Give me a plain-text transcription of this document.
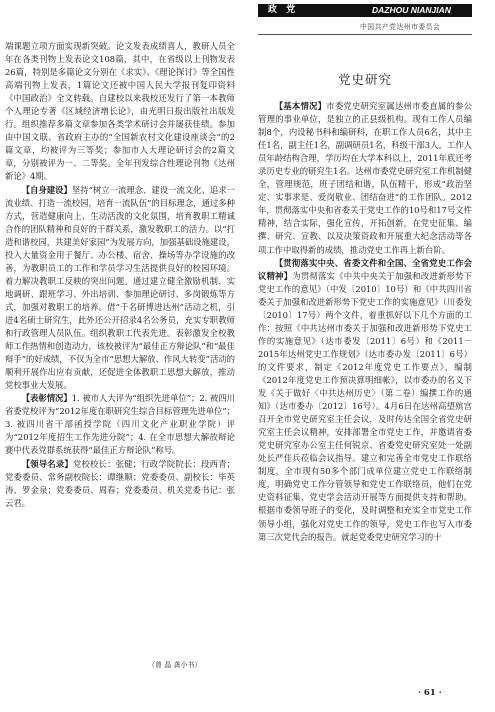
政 党	DAZHOU NIANJIAN
中国共产党达州市委员会

端课题立项方面实现新突破。论文发表成绩喜人，教研人员全年在各类刊物上发表论文108篇，其中，在省级以上刊物发表26篇，特别是多篇论文分别在《求实》、《理论探讨》等全国性高端刊物上发表，1篇论文还被中国人民大学报刊复印资料《中国政治》全文转载。自建校以来我校还发行了第一本教师个人理论专著《区域经济增长论》，由光明日报出版社出版发行。组织推荐多篇文章参加各类学术研讨会并屡获佳绩。参加由中国文联、省政府主办的“全国新农村文化建设座谈会”的2篇文章，均被评为三等奖；参加市人大理论研讨会的2篇文章，分别被评为一、二等奖。全年刊发综合性理论刊物《达州新论》4期。

【自身建设】坚持“树立一流理念、建设一流文化、追求一流业绩、打造一流校园，培育一流队伍”的目标理念，通过多种方式，营造健康向上、生动活泼的文化氛围，培育教职工精诚合作的团队精神和良好的干群关系，激发教职工的活力。以“打造和谐校园，共建美好家园”为发展方向，加强基础设施建设，投入大量资金用于餐厅、办公楼、宿舍、操场等办学设施的改善，为教职员工的工作和学员学习生活提供良好的校园环境。着力解决教职工反映的突出问题。通过建立健全激励机制、实地调研、跟班学习、外出培训、参加理论研讨、多岗锻炼等方式，加强对教职工的培养。借“千名研博进达州”活动之机，引进4名硕士研究生，此外还公开招录4名公务员，充实专职教师和行政管理人员队伍。组织教职工代表先进。表彰激发全校教师工作热情和创造动力，该校被评为“最佳正方辩论队”和“最佳辩手”的好成绩，不仅为全市“思想大解放、作风大转变”活动的顺利开展作出应有贡献，还促进全体教职工思想大解放，推动党校事业大发展。

【表彰情况】1. 被市人大评为“组织先进单位”；2. 被四川省委党校评为“2012年度在职研究生综合目标管理先进单位”；3. 被四川省干部函授学院（四川文化产业职业学院）评为“2012年度招生工作先进分院”；4. 在全市思想大解放辩论赛中代表党群系统获得“最佳正方辩论队”称号。

【领导名录】党校校长：张健；行政学院院长：段西青；党委委员、常务副校院长：谭继顺；党委委员、副校长：毕英涛、罗金泉；党委委员、周春；党委委员、机关党委书记：张云君。

（曾 晶 龚小书）
党史研究

【基本情况】市委党史研究室属达州市委直属的参公管理的事业单位，是独立的正县级机构。现有工作人员编制8个，内设秘书科和编研科，在职工作人员6名，其中主任1名，副主任1名，副调研员1名，科级干部3人。工作人员年龄结构合理，学历均在大学本科以上，2011年底还考录历史专业的研究生1名。达州市委党史研究室工作机制健全，管理规范，班子团结和谐，队伍精干，形成“政治坚定、实事求是、爱岗敬业、团结奋进”的工作团队。2012年，贯彻落实中央和省委关于党史工作的10号和17号文件精神，结合实际，强化宣传，开拓创新，在党史征集、编撰、研究、宣教、以及决策资政和开展重大纪念活动等各项工作中取得新的成绩，推动党史工作再上新台阶。

【贯彻落实中央、省委文件和全国、全省党史工作会议精神】为贯彻落实《中共中央关于加强和改进新形势下党史工作的意见》（中发〔2010〕10号）和《中共四川省委关于加强和改进新形势下党史工作的实施意见》（川委发〔2010〕17号）两个文件，着重抓好以下几个方面的工作：按照《中共达州市委关于加强和改进新形势下党史工作的实施意见》（达市委发〔2011〕6号）和《2011－2015年达州党史工作规划》（达市委办发〔2011〕6号）的文件要求，制定《2012年度党史工作要点》，编制《2012年度党史工作预决算明细帐》，以市委办的名义下发《关于做好〈中共达州历史〉（第二卷）编撰工作的通知》（达市委办〔2012〕16号）。4月6日在达州高望殡宫召开全市党史研究室主任会议，及时传达全国全省党史研究室主任会议精神，安排部署全市党史工作，并邀请省委党史研究室办公室主任何锐京、省委党史研究室处一处副处长严佳兵莅临会议指导。建立和完善全市党史工作联络制度，全市现有50多个部门成单位建立党史工作联络制度，明确党史工作分管领导和党史工作联络员，他们在党史资料征集、党史学会活动开展等方面提供支持和帮助。根据市委领导班子的变化，及时调整和充实全市党史工作领导小组，强化对党史工作的领导，党史工作也写入市委第三次党代会的报告。就起党委党史研究学习的十

· 61 ·
